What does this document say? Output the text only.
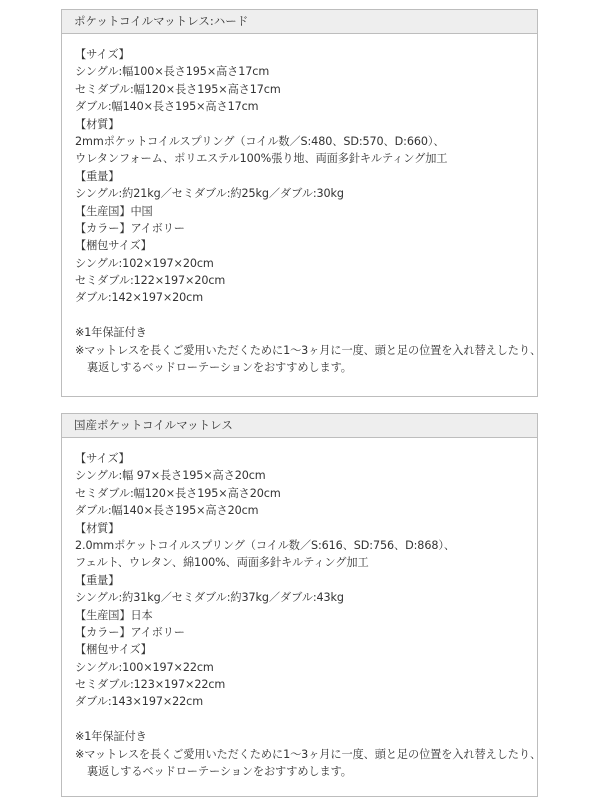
ポケットコイルマットレス:ハード
【サイズ】
シングル:幅100×長さ195×高さ17cm
セミダブル:幅120×長さ195×高さ17cm
ダブル:幅140×長さ195×高さ17cm
【材質】
2mmポケットコイルスプリング（コイル数／S:480、SD:570、D:660）、
ウレタンフォーム、ポリエステル100%張り地、両面多針キルティング加工
【重量】
シングル:約21kg／セミダブル:約25kg／ダブル:30kg
【生産国】中国
【カラー】アイボリー
【梱包サイズ】
シングル:102×197×20cm
セミダブル:122×197×20cm
ダブル:142×197×20cm
※1年保証付き
※マットレスを長くご愛用いただくために1～3ヶ月に一度、頭と足の位置を入れ替えしたり、
裏返しするベッドローテーションをおすすめします。
国産ポケットコイルマットレス
【サイズ】
シングル:幅 97×長さ195×高さ20cm
セミダブル:幅120×長さ195×高さ20cm
ダブル:幅140×長さ195×高さ20cm
【材質】
2.0mmポケットコイルスプリング（コイル数／S:616、SD:756、D:868）、
フェルト、ウレタン、綿100%、両面多針キルティング加工
【重量】
シングル:約31kg／セミダブル:約37kg／ダブル:43kg
【生産国】日本
【カラー】アイボリー
【梱包サイズ】
シングル:100×197×22cm
セミダブル:123×197×22cm
ダブル:143×197×22cm
※1年保証付き
※マットレスを長くご愛用いただくために1～3ヶ月に一度、頭と足の位置を入れ替えしたり、
裏返しするベッドローテーションをおすすめします。
